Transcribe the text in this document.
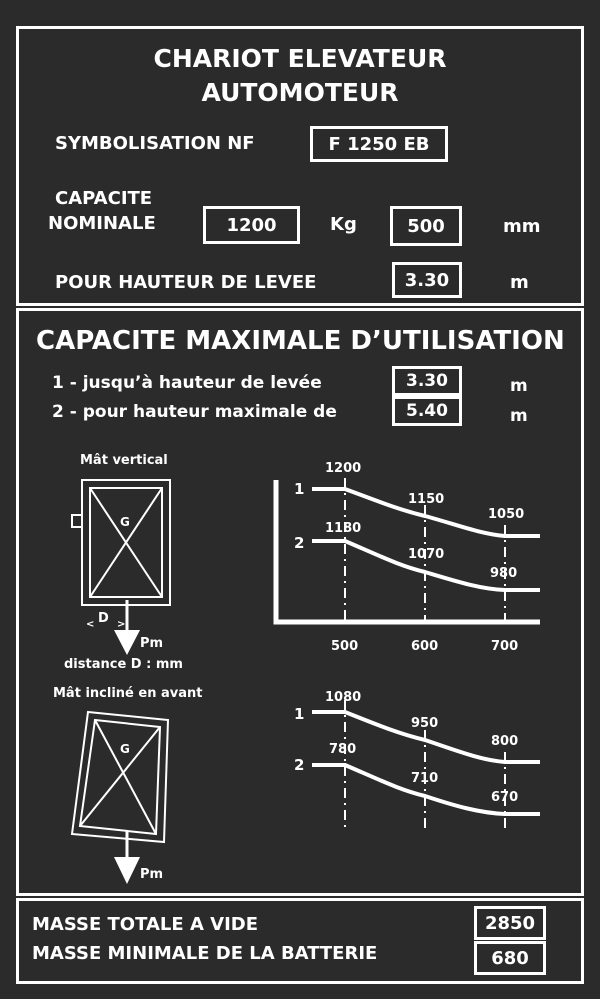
CHARIOT ELEVATEUR
AUTOMOTEUR
SYMBOLISATION NF	F 1250 EB
CAPACITE
NOMINALE	1200	Kg	500	mm
POUR HAUTEUR DE LEVEE	3.30	m
CAPACITE MAXIMALE D’UTILISATION
1 - jusqu’à hauteur de levée	3.30	m
2 - pour hauteur maximale de	5.40	m
Mât vertical
G
D
< >
Pm
distance D : mm
Mât incliné en avant
G
Pm
1
2
1200
1150
1050
1180
1070
980
500	600	700
1
2
1080
950
800
780
710
670
MASSE TOTALE A VIDE	2850
MASSE MINIMALE DE LA BATTERIE	680
